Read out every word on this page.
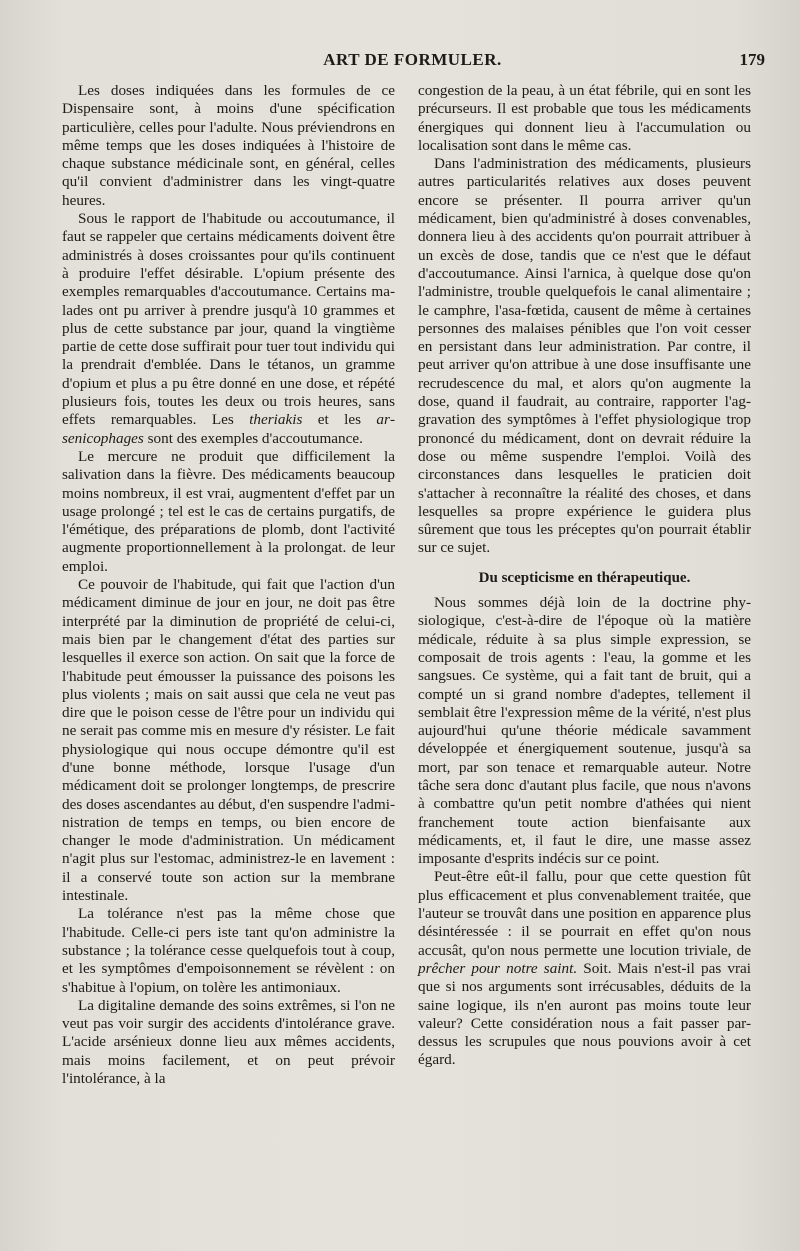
ART DE FORMULER.	179

Les doses indiquées dans les formules de ce Dispensaire sont, à moins d'une spécification particulière, celles pour l'adulte. Nous préviendrons en même temps que les doses indiquées à l'histoire de chaque substance médicinale sont, en général, celles qu'il convient d'administrer dans les vingt-quatre heures.

Sous le rapport de l'habitude ou accoutumance, il faut se rappeler que certains médicaments doivent être administrés à doses croissantes pour qu'ils continuent à produire l'effet désirable. L'opium présente des exemples remarquables d'accoutumance. Certains malades ont pu arriver à prendre jusqu'à 10 grammes et plus de cette substance par jour, quand la vingtième partie de cette dose suffirait pour tuer tout individu qui la prendrait d'emblée. Dans le tétanos, un gramme d'opium et plus a pu être donné en une dose, et répété plusieurs fois, toutes les deux ou trois heures, sans effets remarquables. Les theriakis et les arsenicophages sont des exemples d'accoutumance.

Le mercure ne produit que difficilement la salivation dans la fièvre. Des médicaments beaucoup moins nombreux, il est vrai, augmentent d'effet par un usage prolongé ; tel est le cas de certains purgatifs, de l'émétique, des préparations de plomb, dont l'activité augmente proportionnellement à la prolongat. de leur emploi.

Ce pouvoir de l'habitude, qui fait que l'action d'un médicament diminue de jour en jour, ne doit pas être interprété par la diminution de propriété de celui-ci, mais bien par le changement d'état des parties sur lesquelles il exerce son action. On sait que la force de l'habitude peut émousser la puissance des poisons les plus violents ; mais on sait aussi que cela ne veut pas dire que le poison cesse de l'être pour un individu qui ne serait pas comme mis en mesure d'y résister. Le fait physiologique qui nous occupe démontre qu'il est d'une bonne méthode, lorsque l'usage d'un médicament doit se prolonger longtemps, de prescrire des doses ascendantes au début, d'en suspendre l'administration de temps en temps, ou bien encore de changer le mode d'administration. Un médicament n'agit plus sur l'estomac, administrez-le en lavement : il a conservé toute son action sur la membrane intestinale.

La tolérance n'est pas la même chose que l'habitude. Celle-ci pers iste tant qu'on administre la substance ; la tolérance cesse quelquefois tout à coup, et les symptômes d'empoisonnement se révèlent : on s'habitue à l'opium, on tolère les antimoniaux.

La digitaline demande des soins extrêmes, si l'on ne veut pas voir surgir des accidents d'intolérance grave. L'acide arsénieux donne lieu aux mêmes accidents, mais moins facilement, et on peut prévoir l'intolérance, à la

congestion de la peau, à un état fébrile, qui en sont les précurseurs. Il est probable que tous les médicaments énergiques qui donnent lieu à l'accumulation ou localisation sont dans le même cas.

Dans l'administration des médicaments, plusieurs autres particularités relatives aux doses peuvent encore se présenter. Il pourra arriver qu'un médicament, bien qu'administré à doses convenables, donnera lieu à des accidents qu'on pourrait attribuer à un excès de dose, tandis que ce n'est que le défaut d'accoutumance. Ainsi l'arnica, à quelque dose qu'on l'administre, trouble quelquefois le canal alimentaire ; le camphre, l'asa-fœtida, causent de même à certaines personnes des malaises pénibles que l'on voit cesser en persistant dans leur administration. Par contre, il peut arriver qu'on attribue à une dose insuffisante une recrudescence du mal, et alors qu'on augmente la dose, quand il faudrait, au contraire, rapporter l'aggravation des symptômes à l'effet physiologique trop prononcé du médicament, dont on devrait réduire la dose ou même suspendre l'emploi. Voilà des circonstances dans lesquelles le praticien doit s'attacher à reconnaître la réalité des choses, et dans lesquelles sa propre expérience le guidera plus sûrement que tous les préceptes qu'on pourrait établir sur ce sujet.

Du scepticisme en thérapeutique.

Nous sommes déjà loin de la doctrine physiologique, c'est-à-dire de l'époque où la matière médicale, réduite à sa plus simple expression, se composait de trois agents : l'eau, la gomme et les sangsues. Ce système, qui a fait tant de bruit, qui a compté un si grand nombre d'adeptes, tellement il semblait être l'expression même de la vérité, n'est plus aujourd'hui qu'une théorie médicale savamment développée et énergiquement soutenue, jusqu'à sa mort, par son tenace et remarquable auteur. Notre tâche sera donc d'autant plus facile, que nous n'avons à combattre qu'un petit nombre d'athées qui nient franchement toute action bienfaisante aux médicaments, et, il faut le dire, une masse assez imposante d'esprits indécis sur ce point.

Peut-être eût-il fallu, pour que cette question fût plus efficacement et plus convenablement traitée, que l'auteur se trouvât dans une position en apparence plus désintéressée : il se pourrait en effet qu'on nous accusât, qu'on nous permette une locution triviale, de prêcher pour notre saint. Soit. Mais n'est-il pas vrai que si nos arguments sont irrécusables, déduits de la saine logique, ils n'en auront pas moins toute leur valeur? Cette considération nous a fait passer par-dessus les scrupules que nous pouvions avoir à cet égard.
